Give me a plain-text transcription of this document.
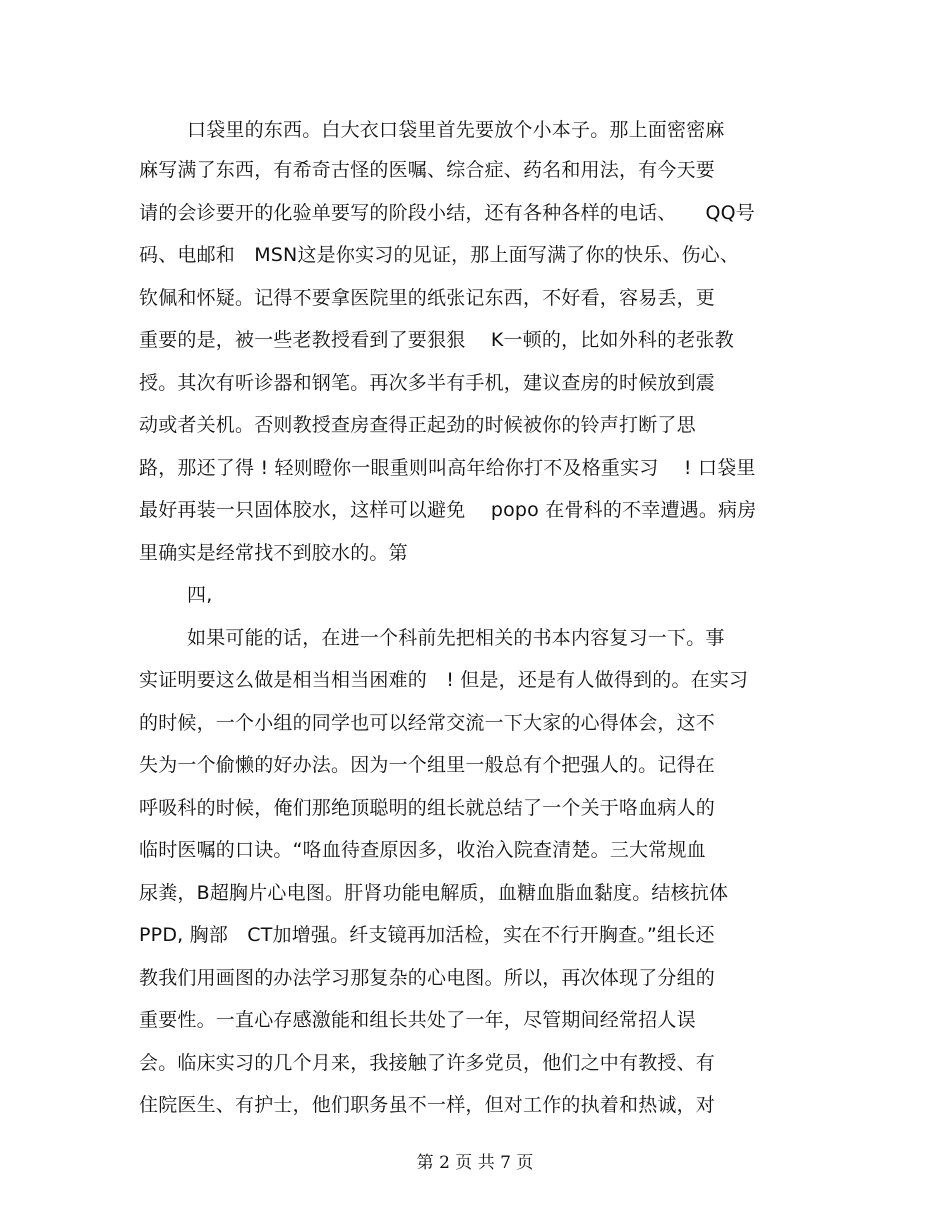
口袋里的东西。白大衣口袋里首先要放个小本子。那上面密密麻
麻写满了东西，有希奇古怪的医嘱、综合症、药名和用法，有今天要
请的会诊要开的化验单要写的阶段小结，还有各种各样的电话、　　QQ号
码、电邮和　MSN这是你实习的见证，那上面写满了你的快乐、伤心、
钦佩和怀疑。记得不要拿医院里的纸张记东西，不好看，容易丢，更
重要的是，被一些老教授看到了要狠狠　 K一顿的，比如外科的老张教
授。其次有听诊器和钢笔。再次多半有手机，建议查房的时候放到震
动或者关机。否则教授查房查得正起劲的时候被你的铃声打断了思
路，那还了得 ! 轻则瞪你一眼重则叫高年给你打不及格重实习　 ! 口袋里
最好再装一只固体胶水，这样可以避免　 popo 在骨科的不幸遭遇。病房
里确实是经常找不到胶水的。第
四,
如果可能的话，在进一个科前先把相关的书本内容复习一下。事
实证明要这么做是相当相当困难的　! 但是，还是有人做得到的。在实习
的时候，一个小组的同学也可以经常交流一下大家的心得体会，这不
失为一个偷懒的好办法。因为一个组里一般总有个把强人的。记得在
呼吸科的时候，俺们那绝顶聪明的组长就总结了一个关于咯血病人的
临时医嘱的口诀。“咯血待查原因多，收治入院查清楚。三大常规血
尿粪，B超胸片心电图。肝肾功能电解质，血糖血脂血黏度。结核抗体
PPD, 胸部　CT加增强。纤支镜再加活检，实在不行开胸查。”组长还
教我们用画图的办法学习那复杂的心电图。所以，再次体现了分组的
重要性。一直心存感激能和组长共处了一年，尽管期间经常招人误
会。临床实习的几个月来，我接触了许多党员，他们之中有教授、有
住院医生、有护士，他们职务虽不一样，但对工作的执着和热诚，对
第 2 页 共 7 页
